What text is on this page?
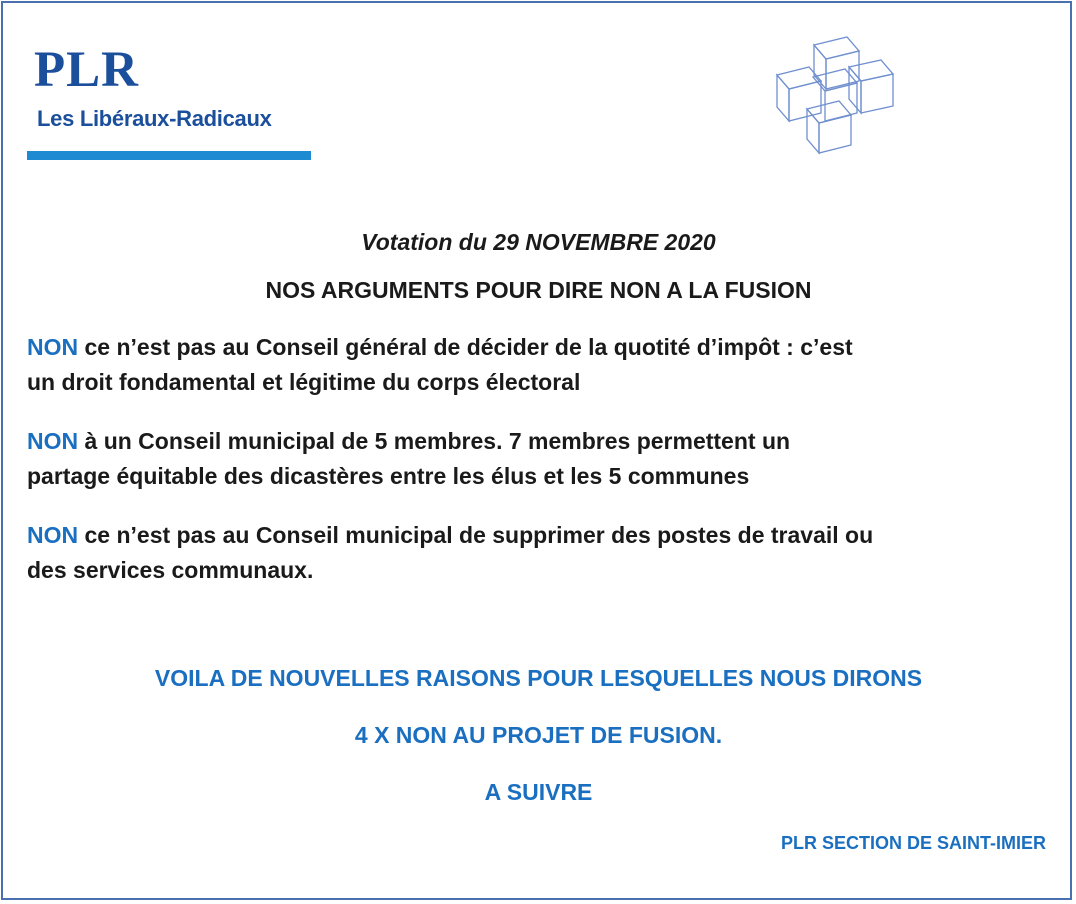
PLR
Les Libéraux-Radicaux
Votation du 29 NOVEMBRE 2020
NOS ARGUMENTS POUR DIRE NON A LA FUSION
NON ce n’est pas au Conseil général de décider de la quotité d’impôt : c’est
un droit fondamental et légitime du corps électoral
NON à un Conseil municipal de 5 membres. 7 membres permettent un
partage équitable des dicastères entre les élus et les 5 communes
NON ce n’est pas au Conseil municipal de supprimer des postes de travail ou
des services communaux.
VOILA DE NOUVELLES RAISONS POUR LESQUELLES NOUS DIRONS
4 X NON AU PROJET DE FUSION.
A SUIVRE
PLR SECTION DE SAINT-IMIER
